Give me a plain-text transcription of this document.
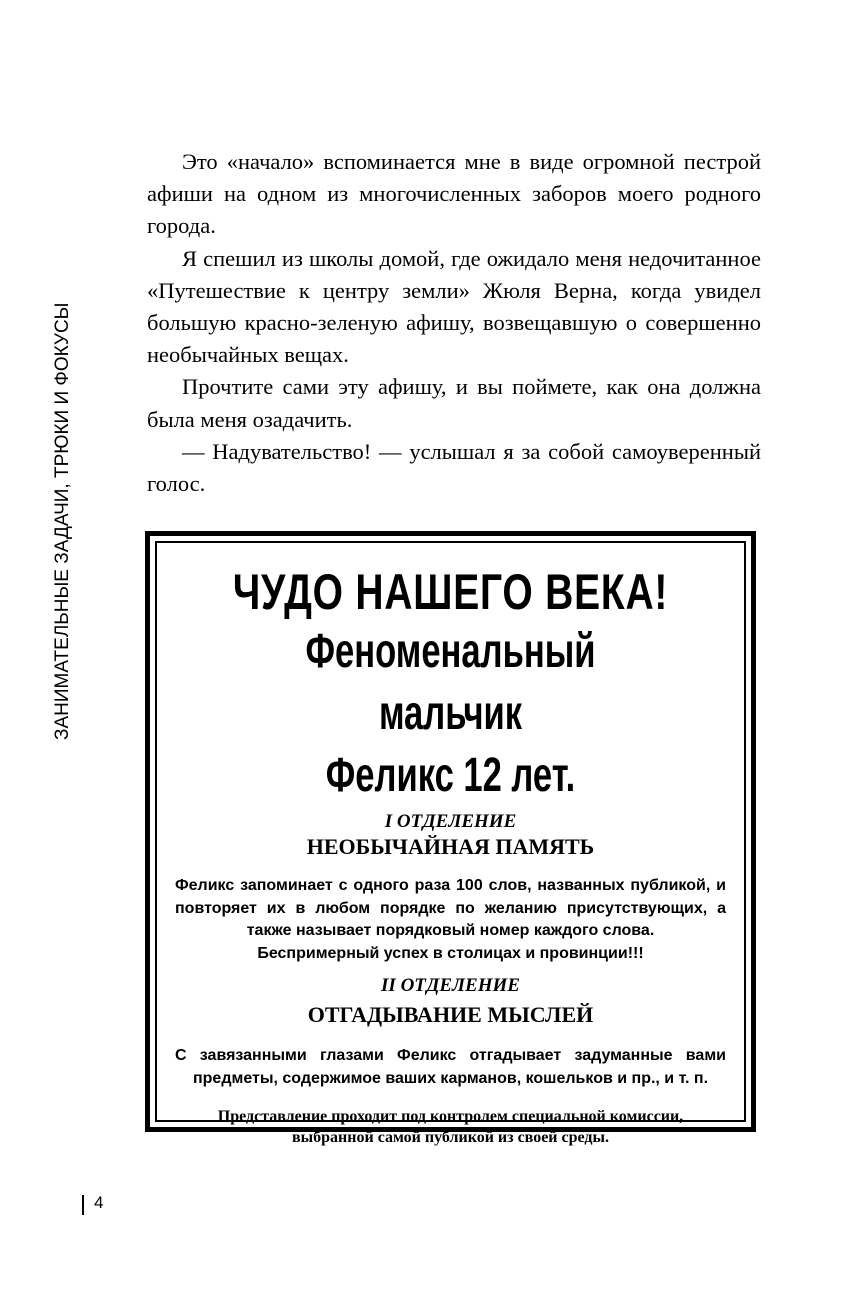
ЗАНИМАТЕЛЬНЫЕ ЗАДАЧИ, ТРЮКИ И ФОКУСЫ

Это «начало» вспоминается мне в виде огромной пестрой афиши на одном из многочисленных заборов моего родного города.

Я спешил из школы домой, где ожидало меня недочитанное «Путешествие к центру земли» Жюля Верна, когда увидел большую красно-зеленую афишу, возвещавшую о совершенно необычайных вещах.

Прочтите сами эту афишу, и вы поймете, как она должна была меня озадачить.

— Надувательство! — услышал я за собой самоуверенный голос.

ЧУДО НАШЕГО ВЕКА!
Феноменальный мальчик
Феликс 12 лет.
I ОТДЕЛЕНИЕ
НЕОБЫЧАЙНАЯ ПАМЯТЬ
Феликс запоминает с одного раза 100 слов, названных публикой, и повторяет их в любом порядке по желанию присутствующих, а также называет порядковый номер каждого слова.
Беспримерный успех в столицах и провинции!!!
II ОТДЕЛЕНИЕ
ОТГАДЫВАНИЕ МЫСЛЕЙ
С завязанными глазами Феликс отгадывает задуманные вами предметы, содержимое ваших карманов, кошельков и пр., и т. п.
Представление проходит под контролем специальной комиссии, выбранной самой публикой из своей среды.
4
